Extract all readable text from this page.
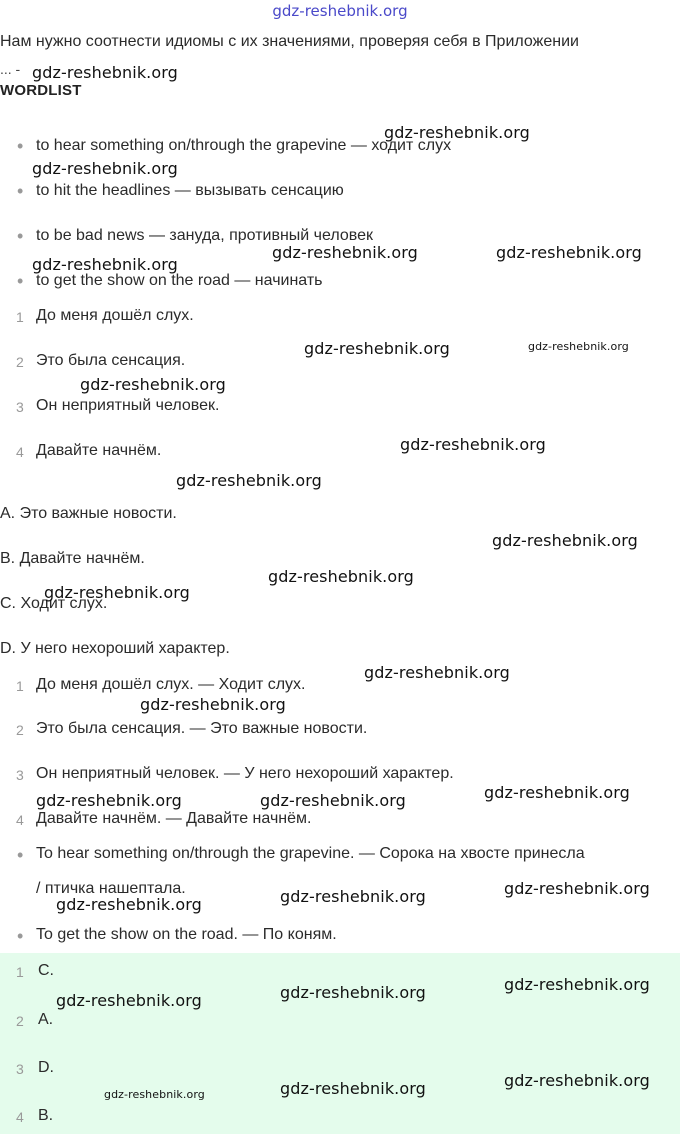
gdz-reshebnik.org
Нам нужно соотнести идиомы с их значениями, проверяя себя в Приложении
... -
WORDLIST
• to hear something on/through the grapevine — ходит слух
• to hit the headlines — вызывать сенсацию
• to be bad news — зануда, противный человек
• to get the show on the road — начинать
1 До меня дошёл слух.
2 Это была сенсация.
3 Он неприятный человек.
4 Давайте начнём.
A. Это важные новости.
B. Давайте начнём.
C. Ходит слух.
D. У него нехороший характер.
1 До меня дошёл слух. — Ходит слух.
2 Это была сенсация. — Это важные новости.
3 Он неприятный человек. — У него нехороший характер.
4 Давайте начнём. — Давайте начнём.
• To hear something on/through the grapevine. — Сорока на хвосте принесла
/ птичка нашептала.
• To get the show on the road. — По коням.
1 C.
2 A.
3 D.
4 B.
gdz-reshebnik.org
gdz-reshebnik.org
gdz-reshebnik.org
gdz-reshebnik.org	gdz-reshebnik.org
gdz-reshebnik.org
gdz-reshebnik.org	gdz-reshebnik.org
gdz-reshebnik.org
gdz-reshebnik.org
gdz-reshebnik.org
gdz-reshebnik.org
gdz-reshebnik.org
gdz-reshebnik.org
gdz-reshebnik.org
gdz-reshebnik.org
gdz-reshebnik.org
gdz-reshebnik.org	gdz-reshebnik.org
gdz-reshebnik.org
gdz-reshebnik.org
gdz-reshebnik.org
gdz-reshebnik.org
gdz-reshebnik.org
gdz-reshebnik.org
gdz-reshebnik.org
gdz-reshebnik.org
gdz-reshebnik.org
